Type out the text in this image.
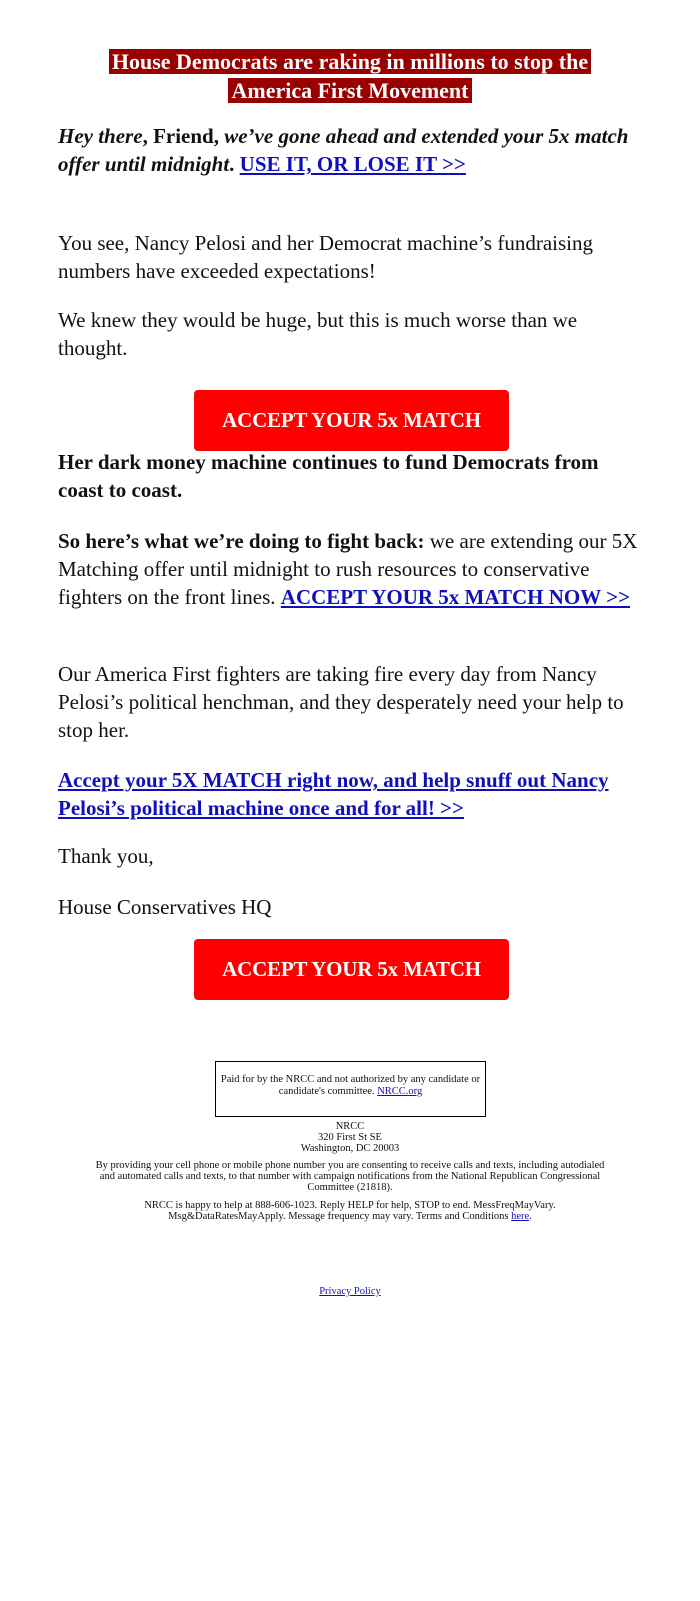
House Democrats are raking in millions to stop the
America First Movement

Hey there, Friend, we’ve gone ahead and extended your 5x match offer until midnight. USE IT, OR LOSE IT >>

You see, Nancy Pelosi and her Democrat machine’s fundraising numbers have exceeded expectations!

We knew they would be huge, but this is much worse than we thought.

ACCEPT YOUR 5x MATCH

Her dark money machine continues to fund Democrats from coast to coast.

So here’s what we’re doing to fight back: we are extending our 5X Matching offer until midnight to rush resources to conservative fighters on the front lines. ACCEPT YOUR 5x MATCH NOW >>

Our America First fighters are taking fire every day from Nancy Pelosi’s political henchman, and they desperately need your help to stop her.

Accept your 5X MATCH right now, and help snuff out Nancy Pelosi’s political machine once and for all! >>

Thank you,

House Conservatives HQ

ACCEPT YOUR 5x MATCH
Paid for by the NRCC and not authorized by any candidate or candidate's committee. NRCC.org

NRCC
320 First St SE
Washington, DC 20003

By providing your cell phone or mobile phone number you are consenting to receive calls and texts, including autodialed and automated calls and texts, to that number with campaign notifications from the National Republican Congressional Committee (21818).

NRCC is happy to help at 888-606-1023. Reply HELP for help, STOP to end. MessFreqMayVary. Msg&DataRatesMayApply. Message frequency may vary. Terms and Conditions here.

Privacy Policy
